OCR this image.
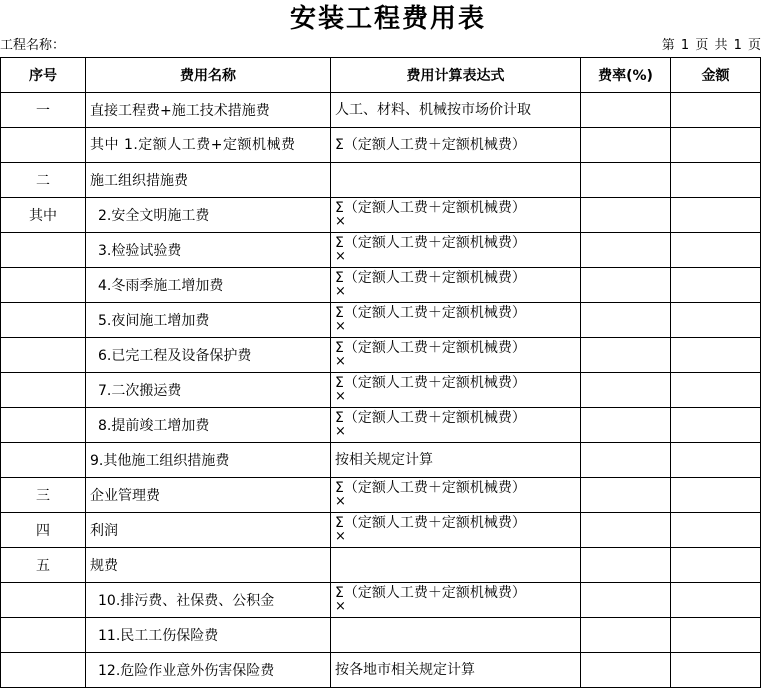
安装工程费用表
工程名称：	第 1 页 共 1 页
序号	费用名称	费用计算表达式	费率(%)	金额
一	直接工程费+施工技术措施费	人工、材料、机械按市场价计取		

	其中 1.定额人工费+定额机械费	Σ（定额人工费＋定额机械费）		

二	施工组织措施费	

其中	2.安全文明施工费	Σ（定额人工费＋定额机械费）
×		

	3.检验试验费	Σ（定额人工费＋定额机械费）
×		

	4.冬雨季施工增加费	Σ（定额人工费＋定额机械费）
×		

	5.夜间施工增加费	Σ（定额人工费＋定额机械费）
×		

	6.已完工程及设备保护费	Σ（定额人工费＋定额机械费）
×		

	7.二次搬运费	Σ（定额人工费＋定额机械费）
×		

	8.提前竣工增加费	Σ（定额人工费＋定额机械费）
×		

	9.其他施工组织措施费	按相关规定计算		

三	企业管理费	Σ（定额人工费＋定额机械费）
×		

四	利润	Σ（定额人工费＋定额机械费）
×		

五	规费	

	10.排污费、社保费、公积金	Σ（定额人工费＋定额机械费）
×		

	11.民工工伤保险费	

	12.危险作业意外伤害保险费	按各地市相关规定计算		
